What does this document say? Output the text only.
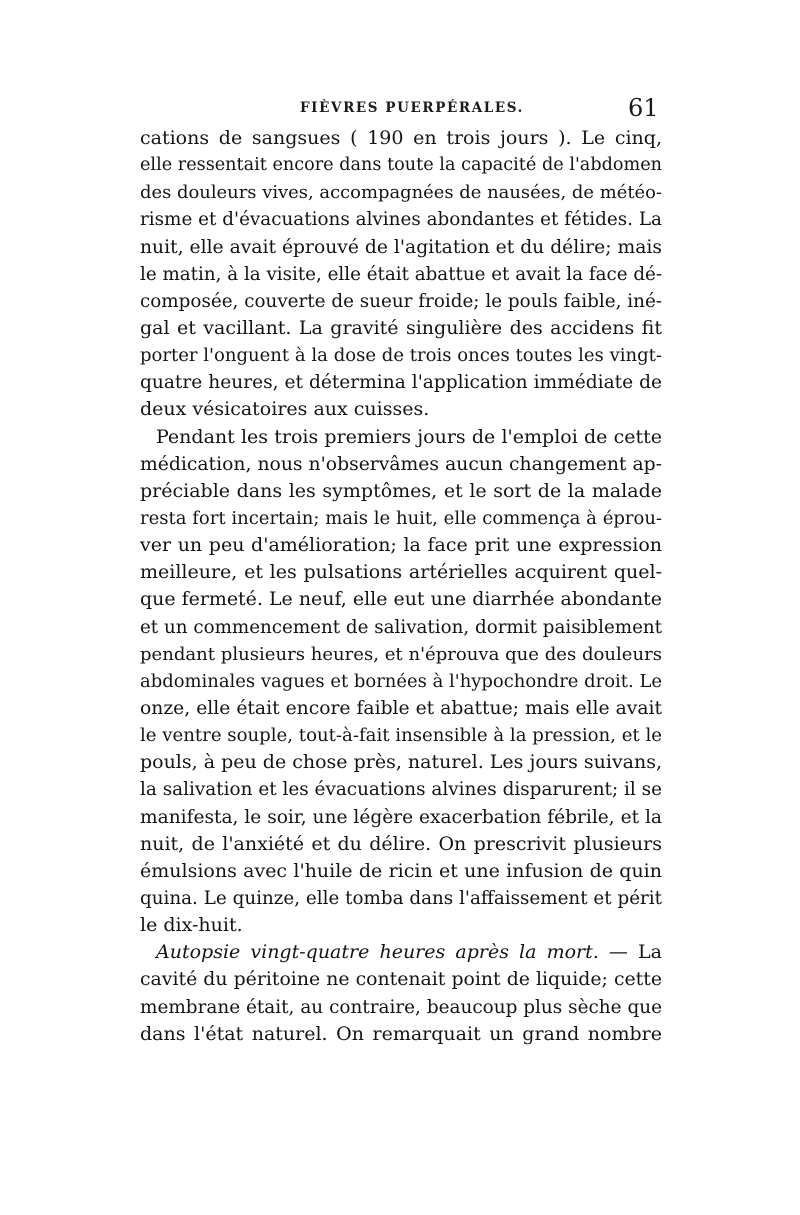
FIÈVRES PUERPÉRALES.	61
cations de sangsues ( 190 en trois jours ). Le cinq,
elle ressentait encore dans toute la capacité de l'abdomen
des douleurs vives, accompagnées de nausées, de météo-
risme et d'évacuations alvines abondantes et fétides. La
nuit, elle avait éprouvé de l'agitation et du délire; mais
le matin, à la visite, elle était abattue et avait la face dé-
composée, couverte de sueur froide; le pouls faible, iné-
gal et vacillant. La gravité singulière des accidens fit
porter l'onguent à la dose de trois onces toutes les vingt-
quatre heures, et détermina l'application immédiate de
deux vésicatoires aux cuisses.
Pendant les trois premiers jours de l'emploi de cette
médication, nous n'observâmes aucun changement ap-
préciable dans les symptômes, et le sort de la malade
resta fort incertain; mais le huit, elle commença à éprou-
ver un peu d'amélioration; la face prit une expression
meilleure, et les pulsations artérielles acquirent quel-
que fermeté. Le neuf, elle eut une diarrhée abondante
et un commencement de salivation, dormit paisiblement
pendant plusieurs heures, et n'éprouva que des douleurs
abdominales vagues et bornées à l'hypochondre droit. Le
onze, elle était encore faible et abattue; mais elle avait
le ventre souple, tout-à-fait insensible à la pression, et le
pouls, à peu de chose près, naturel. Les jours suivans,
la salivation et les évacuations alvines disparurent; il se
manifesta, le soir, une légère exacerbation fébrile, et la
nuit, de l'anxiété et du délire. On prescrivit plusieurs
émulsions avec l'huile de ricin et une infusion de quin
quina. Le quinze, elle tomba dans l'affaissement et périt
le dix-huit.
Autopsie vingt-quatre heures après la mort. — La
cavité du péritoine ne contenait point de liquide; cette
membrane était, au contraire, beaucoup plus sèche que
dans l'état naturel. On remarquait un grand nombre
